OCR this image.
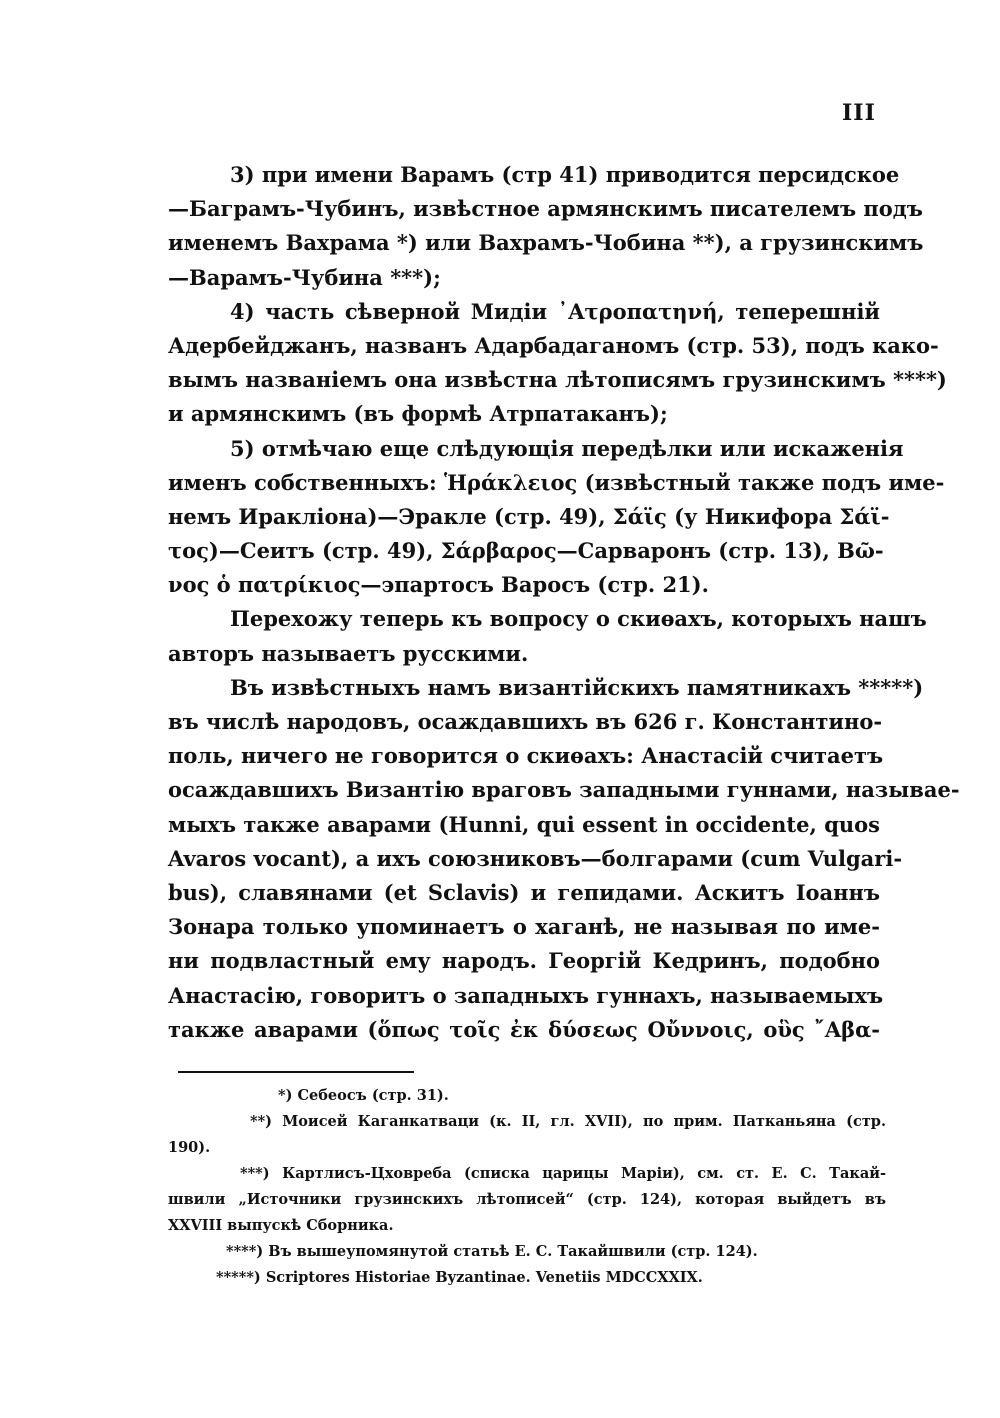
III
3) при имени Варамъ (стр 41) приводится персидское
—Баграмъ-Чубинъ, извѣстное армянскимъ писателемъ подъ
именемъ Вахрама *) или Вахрамъ-Чобина **), а грузинскимъ
—Варамъ-Чубина ***);
4) часть сѣверной Мидіи ᾿Ατροπατηνή, теперешній
Адербейджанъ, названъ Адарбадаганомъ (стр. 53), подъ како-
вымъ названіемъ она извѣстна лѣтописямъ грузинскимъ ****)
и армянскимъ (въ формѣ Атрпатаканъ);
5) отмѣчаю еще слѣдующія передѣлки или искаженія
именъ собственныхъ: Ἡράκλειος (извѣстный также подъ име-
немъ Иракліона)—Эракле (стр. 49), Σάϊς (у Никифора Σάϊ-
τος)—Сеитъ (стр. 49), Σάρβαρος—Сарваронъ (стр. 13), Βῶ-
νος ὁ πατρίκιος—эпартосъ Варосъ (стр. 21).
Перехожу теперь къ вопросу о скиѳахъ, которыхъ нашъ
авторъ называетъ русскими.
Въ извѣстныхъ намъ византійскихъ памятникахъ *****)
въ числѣ народовъ, осаждавшихъ въ 626 г. Константино-
поль, ничего не говорится о скиѳахъ: Анастасій считаетъ
осаждавшихъ Византію враговъ западными гуннами, называе-
мыхъ также аварами (Hunni, qui essent in occidente, quos
Avaros vocant), а ихъ союзниковъ—болгарами (cum Vulgari-
bus), славянами (et Sclavis) и гепидами. Аскитъ Іоаннъ
Зонара только упоминаетъ о хаганѣ, не называя по име-
ни подвластный ему народъ. Георгій Кедринъ, подобно
Анастасію, говоритъ о западныхъ гуннахъ, называемыхъ
также аварами (ὅπως τοῖς ἐκ δύσεως Οὔννοις, οὓς ῎Αβα-
*) Себеосъ (стр. 31).
**) Моисей Каганкатваци (к. II, гл. XVII), по прим. Патканьяна (стр.
190).
***) Картлисъ-Цховреба (списка царицы Маріи), см. ст. Е. С. Такай-
швили „Источники грузинскихъ лѣтописей“ (стр. 124), которая выйдетъ въ
XXVIII выпускѣ Сборника.
****) Въ вышеупомянутой статьѣ Е. С. Такайшвили (стр. 124).
*****) Scriptores Historiae Byzantinae. Venetiis MDCCXXIX.
